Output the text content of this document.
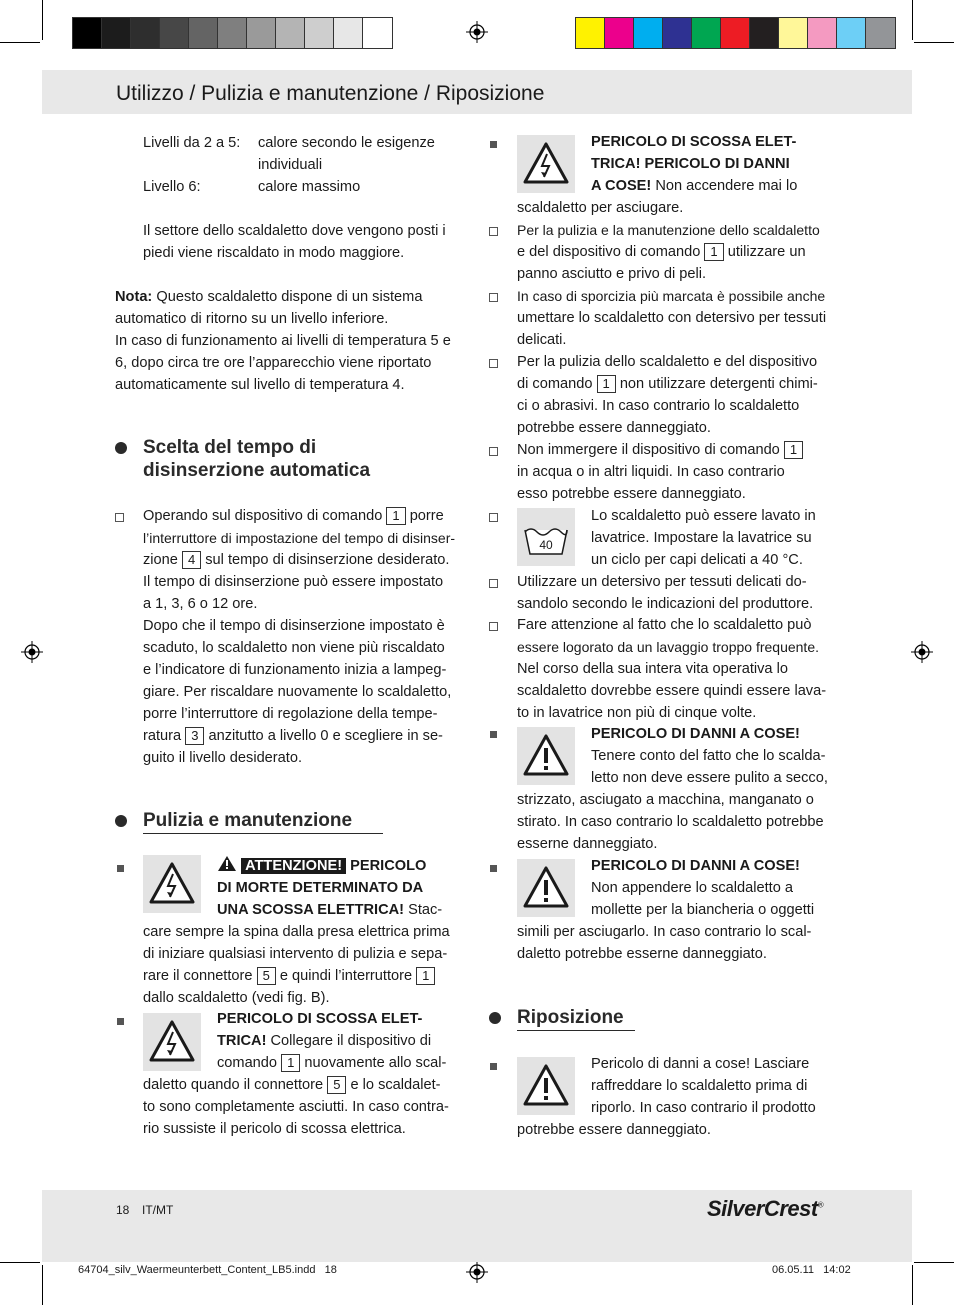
Utilizzo / Pulizia e manutenzione / Riposizione
Livelli da 2 a 5:	calore secondo le esigenze individuali
Livello 6:	calore massimo

Il settore dello scaldaletto dove vengono posti i piedi viene riscaldato in modo maggiore.

Nota: Questo scaldaletto dispone di un sistema automatico di ritorno su un livello inferiore.

In caso di funzionamento ai livelli di temperatura 5 e 6, dopo circa tre ore l’apparecchio viene riportato automaticamente sul livello di temperatura 4.

Scelta del tempo di
disinserzione automatica
Operando sul dispositivo di comando 1 porre
l’interruttore di impostazione del tempo di disinser-
zione 4 sul tempo di disinserzione desiderato.
Il tempo di disinserzione può essere impostato
a 1, 3, 6 o 12 ore.
Dopo che il tempo di disinserzione impostato è
scaduto, lo scaldaletto non viene più riscaldato
e l’indicatore di funzionamento inizia a lampeg-
giare. Per riscaldare nuovamente lo scaldaletto,
porre l’interruttore di regolazione della tempe-
ratura 3 anzitutto a livello 0 e scegliere in se-
guito il livello desiderato.
Pulizia e manutenzione
ATTENZIONE! PERICOLO
DI MORTE DETERMINATO DA
UNA SCOSSA ELETTRICA! Stac-
care sempre la spina dalla presa elettrica prima
di iniziare qualsiasi intervento di pulizia e sepa-
rare il connettore 5 e quindi l’interruttore 1
dallo scaldaletto (vedi fig. B).
PERICOLO DI SCOSSA ELET-
TRICA! Collegare il dispositivo di
comando 1 nuovamente allo scal-
daletto quando il connettore 5 e lo scaldalet-
to sono completamente asciutti. In caso contra-
rio sussiste il pericolo di scossa elettrica.
PERICOLO DI SCOSSA ELET-
TRICA! PERICOLO DI DANNI
A COSE! Non accendere mai lo
scaldaletto per asciugare.
Per la pulizia e la manutenzione dello scaldaletto
e del dispositivo di comando 1 utilizzare un
panno asciutto e privo di peli.
In caso di sporcizia più marcata è possibile anche
umettare lo scaldaletto con detersivo per tessuti
delicati.
Per la pulizia dello scaldaletto e del dispositivo
di comando 1 non utilizzare detergenti chimi-
ci o abrasivi. In caso contrario lo scaldaletto
potrebbe essere danneggiato.
Non immergere il dispositivo di comando 1
in acqua o in altri liquidi. In caso contrario
esso potrebbe essere danneggiato.
40
Lo scaldaletto può essere lavato in
lavatrice. Impostare la lavatrice su
un ciclo per capi delicati a 40 °C.
Utilizzare un detersivo per tessuti delicati do-
sandolo secondo le indicazioni del produttore.
Fare attenzione al fatto che lo scaldaletto può
essere logorato da un lavaggio troppo frequente.
Nel corso della sua intera vita operativa lo
scaldaletto dovrebbe essere quindi essere lava-
to in lavatrice non più di cinque volte.
PERICOLO DI DANNI A COSE!
Tenere conto del fatto che lo scalda-
letto non deve essere pulito a secco,
strizzato, asciugato a macchina, manganato o
stirato. In caso contrario lo scaldaletto potrebbe
esserne danneggiato.
PERICOLO DI DANNI A COSE!
Non appendere lo scaldaletto a
mollette per la biancheria o oggetti
simili per asciugarlo. In caso contrario lo scal-
daletto potrebbe esserne danneggiato.
Riposizione
Pericolo di danni a cose! Lasciare
raffreddare lo scaldaletto prima di
riporlo. In caso contrario il prodotto
potrebbe essere danneggiato.
18 IT/MT	SilverCrest®
64704_silv_Waermeunterbett_Content_LB5.indd   18	06.05.11   14:02
